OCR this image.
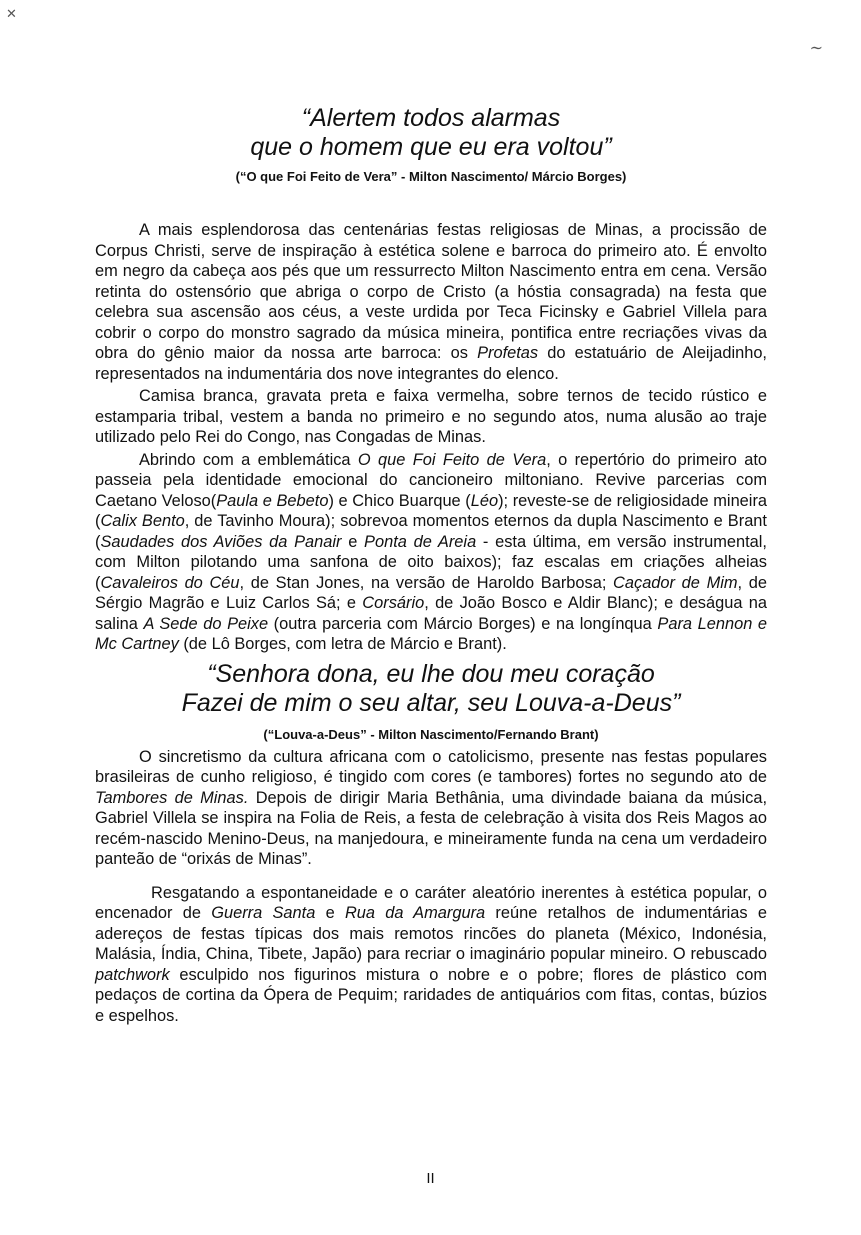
✕
∼
“Alertem todos alarmas
que o homem que eu era voltou”
(“O que Foi Feito de Vera” - Milton Nascimento/ Márcio Borges)

A mais esplendorosa das centenárias festas religiosas de Minas, a procissão de Corpus Christi, serve de inspiração à estética solene e barroca do primeiro ato. É envolto em negro da cabeça aos pés que um ressurrecto Milton Nascimento entra em cena. Versão retinta do ostensório que abriga o corpo de Cristo (a hóstia consagrada) na festa que celebra sua ascensão aos céus, a veste urdida por Teca Ficinsky e Gabriel Villela para cobrir o corpo do monstro sagrado da música mineira, pontifica entre recriações vivas da obra do gênio maior da nossa arte barroca: os Profetas do estatuário de Aleijadinho, representados na indumentária dos nove integrantes do elenco.

Camisa branca, gravata preta e faixa vermelha, sobre ternos de tecido rústico e estamparia tribal, vestem a banda no primeiro e no segundo atos, numa alusão ao traje utilizado pelo Rei do Congo, nas Congadas de Minas.

Abrindo com a emblemática O que Foi Feito de Vera, o repertório do primeiro ato passeia pela identidade emocional do cancioneiro miltoniano. Revive parcerias com Caetano Veloso(Paula e Bebeto) e Chico Buarque (Léo); reveste-se de religiosidade mineira (Calix Bento, de Tavinho Moura); sobrevoa momentos eternos da dupla Nascimento e Brant (Saudades dos Aviões da Panair e Ponta de Areia - esta última, em versão instrumental, com Milton pilotando uma sanfona de oito baixos); faz escalas em criações alheias (Cavaleiros do Céu, de Stan Jones, na versão de Haroldo Barbosa; Caçador de Mim, de Sérgio Magrão e Luiz Carlos Sá; e Corsário, de João Bosco e Aldir Blanc); e deságua na salina A Sede do Peixe (outra parceria com Márcio Borges) e na longínqua Para Lennon e Mc Cartney (de Lô Borges, com letra de Márcio e Brant).

“Senhora dona, eu lhe dou meu coração
Fazei de mim o seu altar, seu Louva-a-Deus”
(“Louva-a-Deus” - Milton Nascimento/Fernando Brant)

O sincretismo da cultura africana com o catolicismo, presente nas festas populares brasileiras de cunho religioso, é tingido com cores (e tambores) fortes no segundo ato de Tambores de Minas. Depois de dirigir Maria Bethânia, uma divindade baiana da música, Gabriel Villela se inspira na Folia de Reis, a festa de celebração à visita dos Reis Magos ao recém-nascido Menino-Deus, na manjedoura, e mineiramente funda na cena um verdadeiro panteão de “orixás de Minas”.

Resgatando a espontaneidade e o caráter aleatório inerentes à estética popular, o encenador de Guerra Santa e Rua da Amargura reúne retalhos de indumentárias e adereços de festas típicas dos mais remotos rincões do planeta (México, Indonésia, Malásia, Índia, China, Tibete, Japão) para recriar o imaginário popular mineiro. O rebuscado patchwork esculpido nos figurinos mistura o nobre e o pobre; flores de plástico com pedaços de cortina da Ópera de Pequim; raridades de antiquários com fitas, contas, búzios e espelhos.

II
